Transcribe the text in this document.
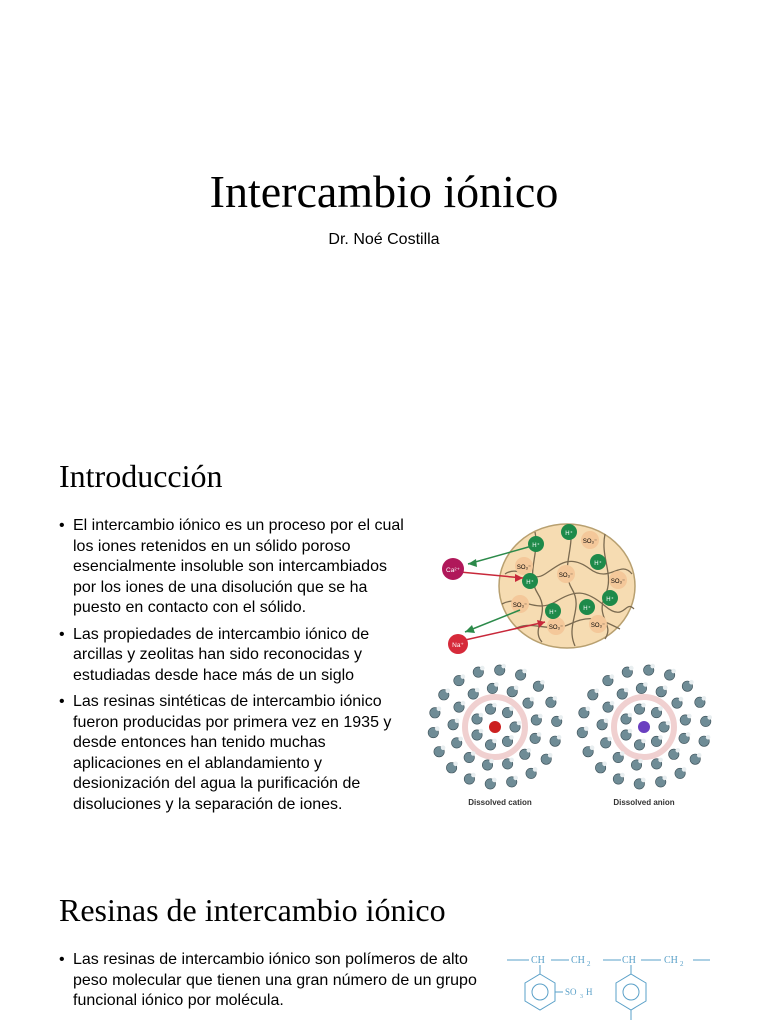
Intercambio iónico
Dr. Noé Costilla
Introducción
• El intercambio iónico es un proceso por el cual los iones retenidos en un sólido poroso esencialmente insoluble son intercambiados por los iones de una disolución que se ha puesto en contacto con el sólido.
• Las propiedades de intercambio iónico de arcillas y zeolitas han sido reconocidas y estudiadas desde hace más de un siglo
• Las resinas sintéticas de intercambio iónico fueron producidas por primera vez en 1935 y desde entonces han tenido muchas aplicaciones en el ablandamiento y desionización del agua la purificación de disoluciones y la separación de iones.
SO₃⁻
SO₃⁻
SO₃⁻
SO₃⁻
SO₃⁻
SO₃⁻
SO₃⁻
H⁺
H⁺
H⁺
H⁺
H⁺
H⁺
H⁺
Ca²⁺
Na⁺
Dissolved cation	Dissolved anion
Resinas de intercambio iónico
• Las resinas de intercambio iónico son polímeros de alto peso molecular que tienen una gran número de un grupo funcional iónico por molécula.
CH	CH 2	CH	CH 2
SO 3 H
